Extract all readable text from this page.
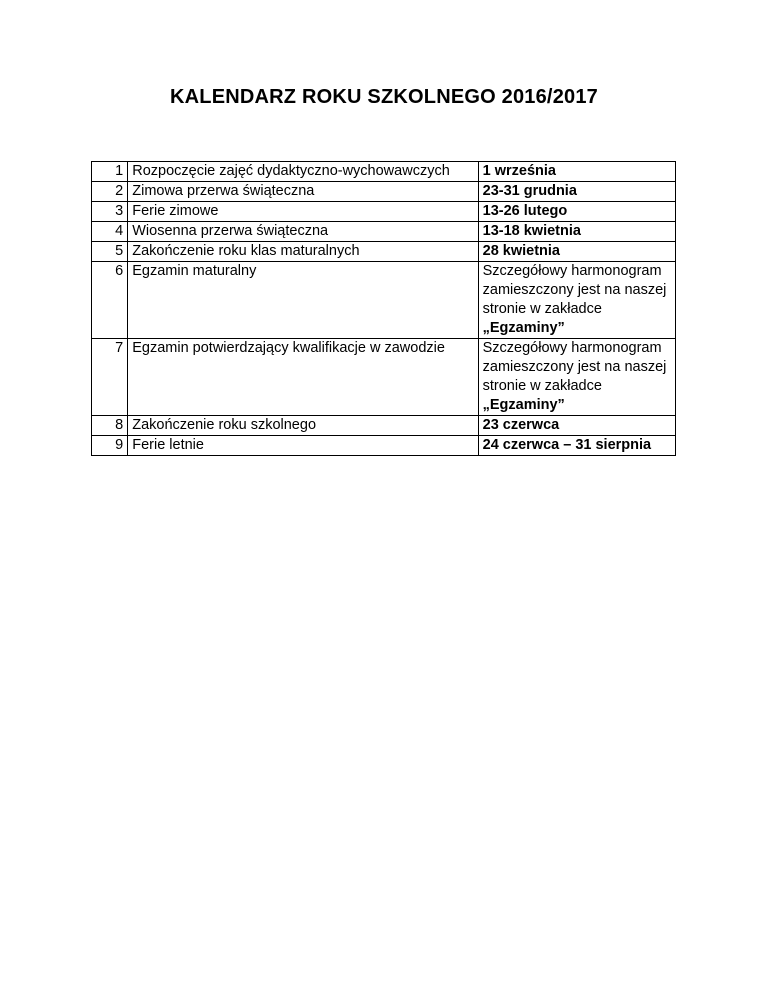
KALENDARZ ROKU SZKOLNEGO 2016/2017
1	Rozpoczęcie zajęć dydaktyczno-wychowawczych	1 września
2	Zimowa przerwa świąteczna	23-31 grudnia
3	Ferie zimowe	13-26 lutego
4	Wiosenna przerwa świąteczna	13-18 kwietnia
5	Zakończenie roku klas maturalnych	28 kwietnia
6	Egzamin maturalny	Szczegółowy harmonogram zamieszczony jest na naszej stronie w zakładce
„Egzaminy”
7	Egzamin potwierdzający kwalifikacje w zawodzie	Szczegółowy harmonogram zamieszczony jest na naszej stronie w zakładce
„Egzaminy”
8	Zakończenie roku szkolnego	23 czerwca
9	Ferie letnie	24 czerwca – 31 sierpnia
